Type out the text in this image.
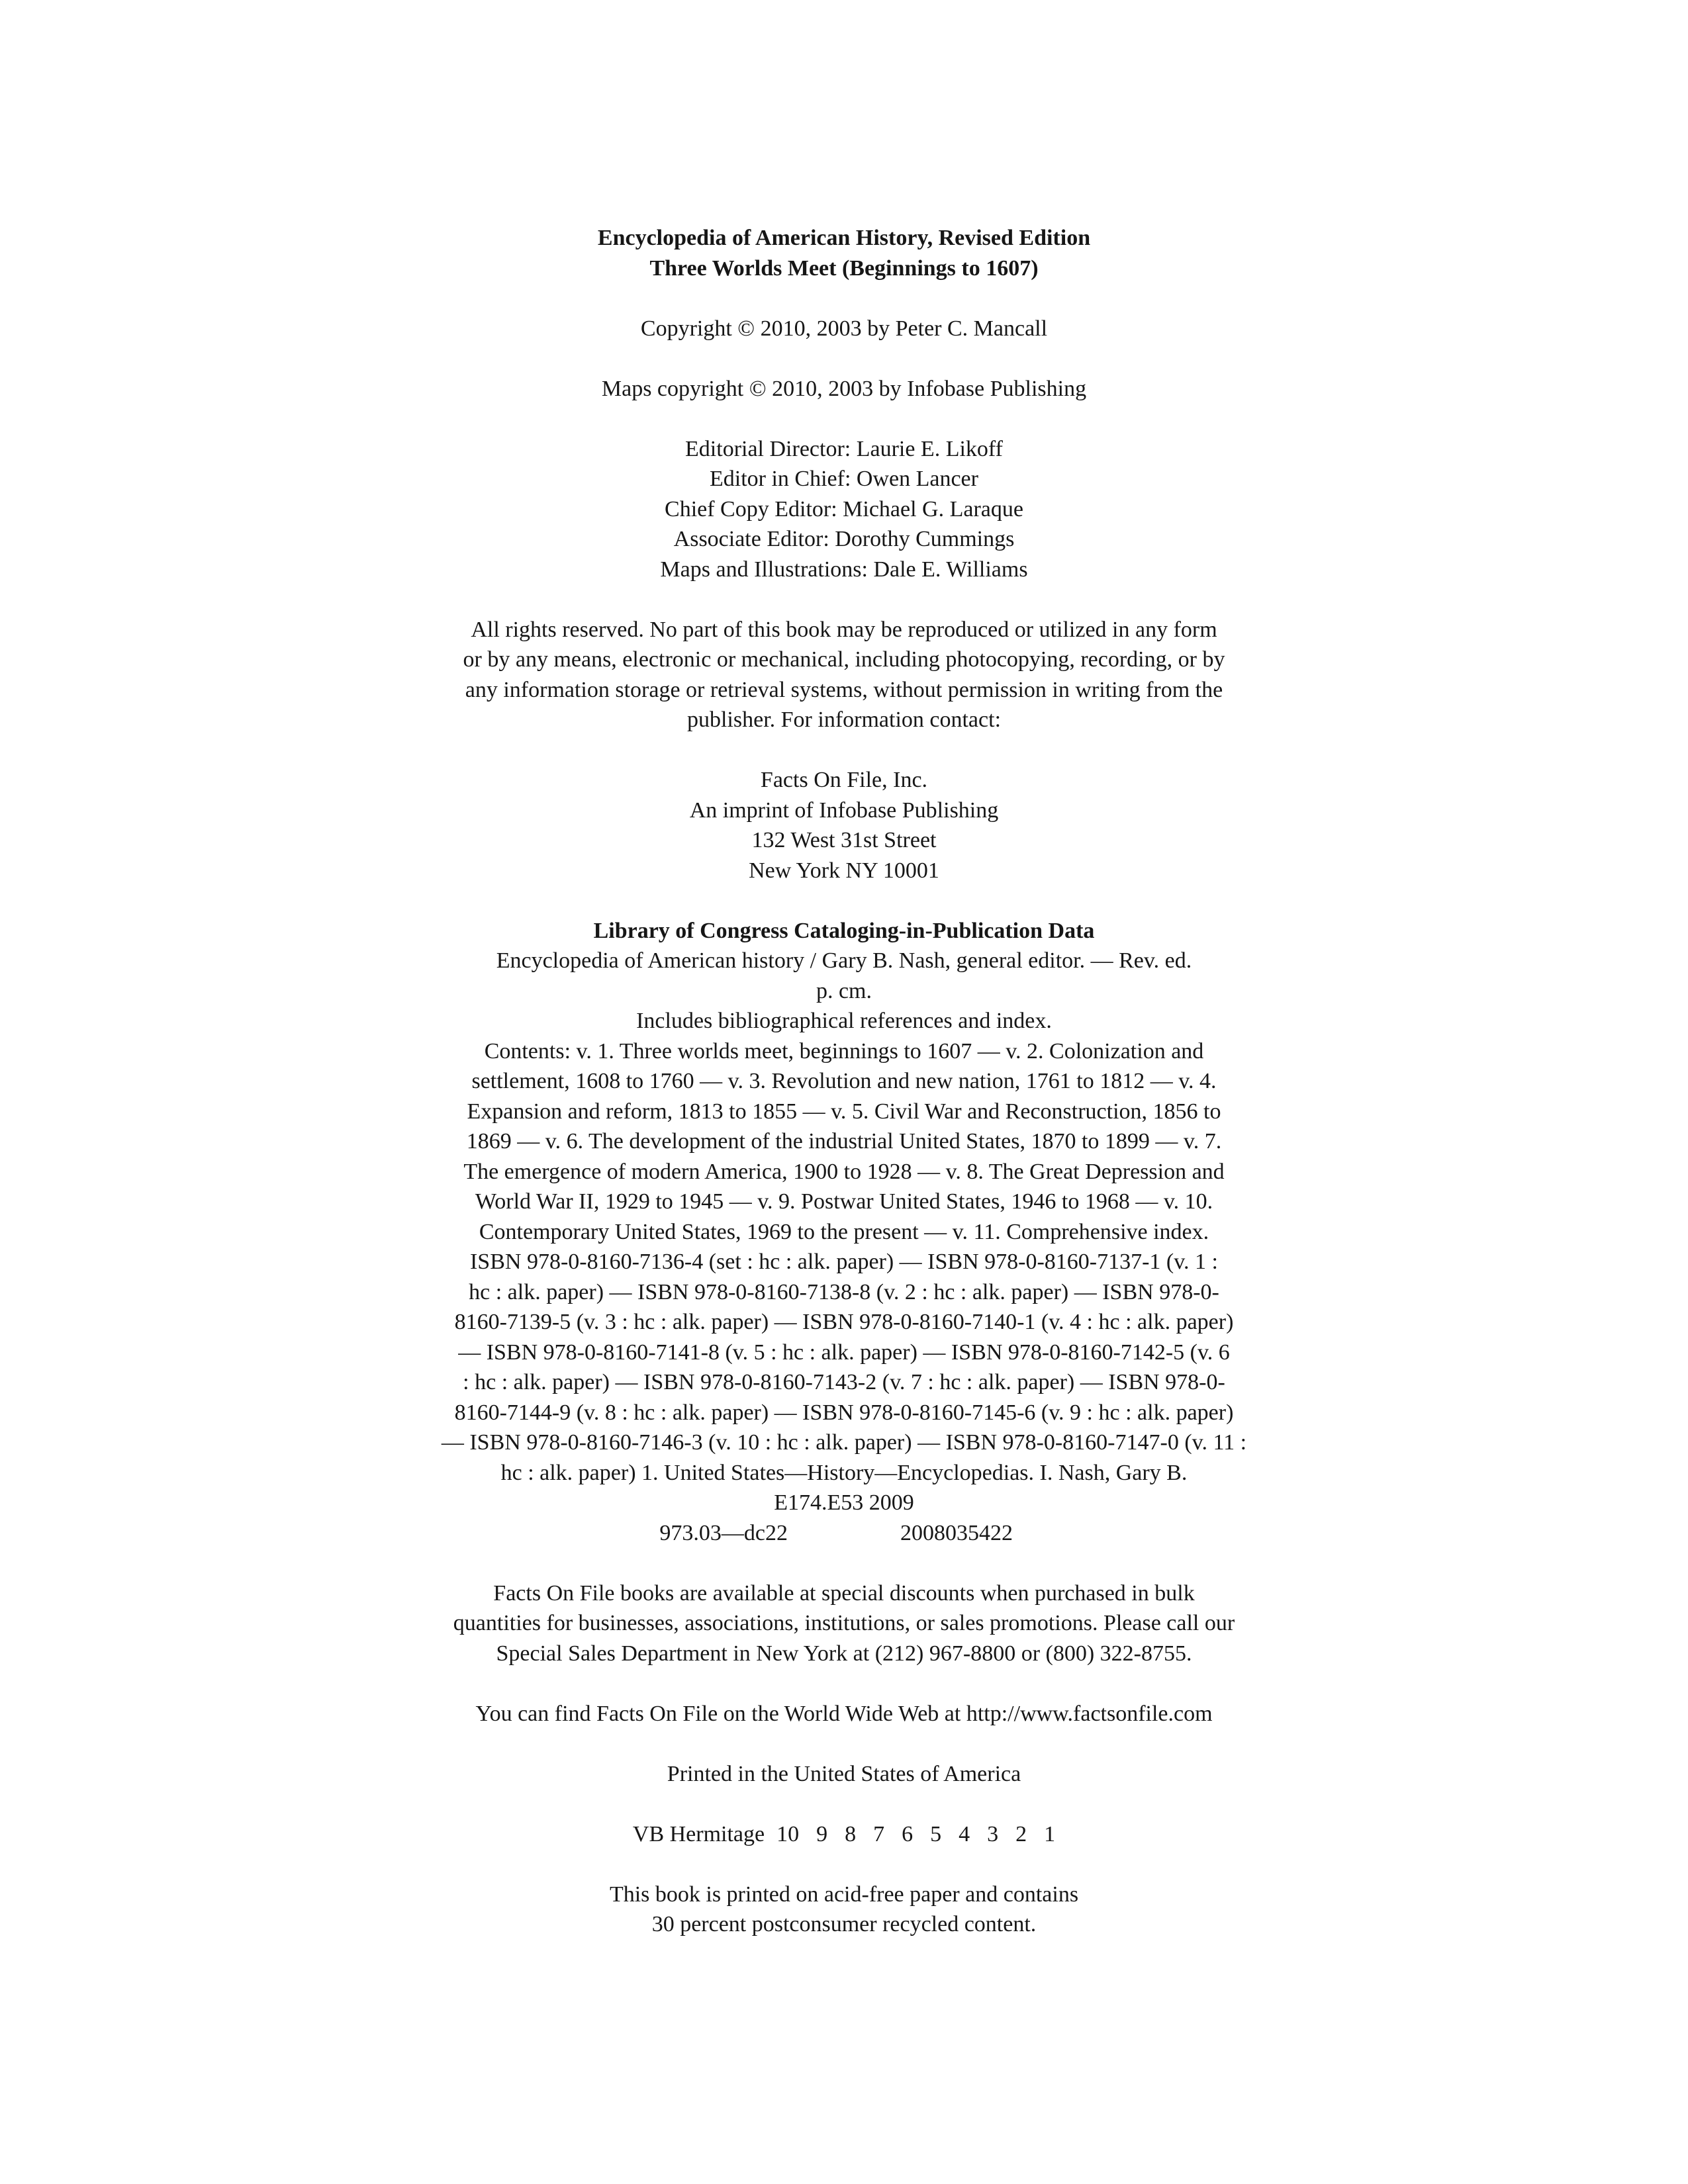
Encyclopedia of American History, Revised Edition
Three Worlds Meet (Beginnings to 1607)
Copyright © 2010, 2003 by Peter C. Mancall
Maps copyright © 2010, 2003 by Infobase Publishing
Editorial Director: Laurie E. Likoff
Editor in Chief: Owen Lancer
Chief Copy Editor: Michael G. Laraque
Associate Editor: Dorothy Cummings
Maps and Illustrations: Dale E. Williams
All rights reserved. No part of this book may be reproduced or utilized in any form
or by any means, electronic or mechanical, including photocopying, recording, or by
any information storage or retrieval systems, without permission in writing from the
publisher. For information contact:
Facts On File, Inc.
An imprint of Infobase Publishing
132 West 31st Street
New York NY 10001
Library of Congress Cataloging-in-Publication Data
Encyclopedia of American history / Gary B. Nash, general editor. — Rev. ed.
p. cm.
Includes bibliographical references and index.
Contents: v. 1. Three worlds meet, beginnings to 1607 — v. 2. Colonization and
settlement, 1608 to 1760 — v. 3. Revolution and new nation, 1761 to 1812 — v. 4.
Expansion and reform, 1813 to 1855 — v. 5. Civil War and Reconstruction, 1856 to
1869 — v. 6. The development of the industrial United States, 1870 to 1899 — v. 7.
The emergence of modern America, 1900 to 1928 — v. 8. The Great Depression and
World War II, 1929 to 1945 — v. 9. Postwar United States, 1946 to 1968 — v. 10.
Contemporary United States, 1969 to the present — v. 11. Comprehensive index.
ISBN 978-0-8160-7136-4 (set : hc : alk. paper) — ISBN 978-0-8160-7137-1 (v. 1 :
hc : alk. paper) — ISBN 978-0-8160-7138-8 (v. 2 : hc : alk. paper) — ISBN 978-0-
8160-7139-5 (v. 3 : hc : alk. paper) — ISBN 978-0-8160-7140-1 (v. 4 : hc : alk. paper)
— ISBN 978-0-8160-7141-8 (v. 5 : hc : alk. paper) — ISBN 978-0-8160-7142-5 (v. 6
: hc : alk. paper) — ISBN 978-0-8160-7143-2 (v. 7 : hc : alk. paper) — ISBN 978-0-
8160-7144-9 (v. 8 : hc : alk. paper) — ISBN 978-0-8160-7145-6 (v. 9 : hc : alk. paper)
— ISBN 978-0-8160-7146-3 (v. 10 : hc : alk. paper) — ISBN 978-0-8160-7147-0 (v. 11 :
hc : alk. paper) 1. United States—History—Encyclopedias. I. Nash, Gary B.
E174.E53 2009
973.03—dc22	2008035422
Facts On File books are available at special discounts when purchased in bulk
quantities for businesses, associations, institutions, or sales promotions. Please call our
Special Sales Department in New York at (212) 967-8800 or (800) 322-8755.
You can find Facts On File on the World Wide Web at http://www.factsonfile.com
Printed in the United States of America
VB Hermitage 10 9 8 7 6 5 4 3 2 1
This book is printed on acid-free paper and contains
30 percent postconsumer recycled content.
